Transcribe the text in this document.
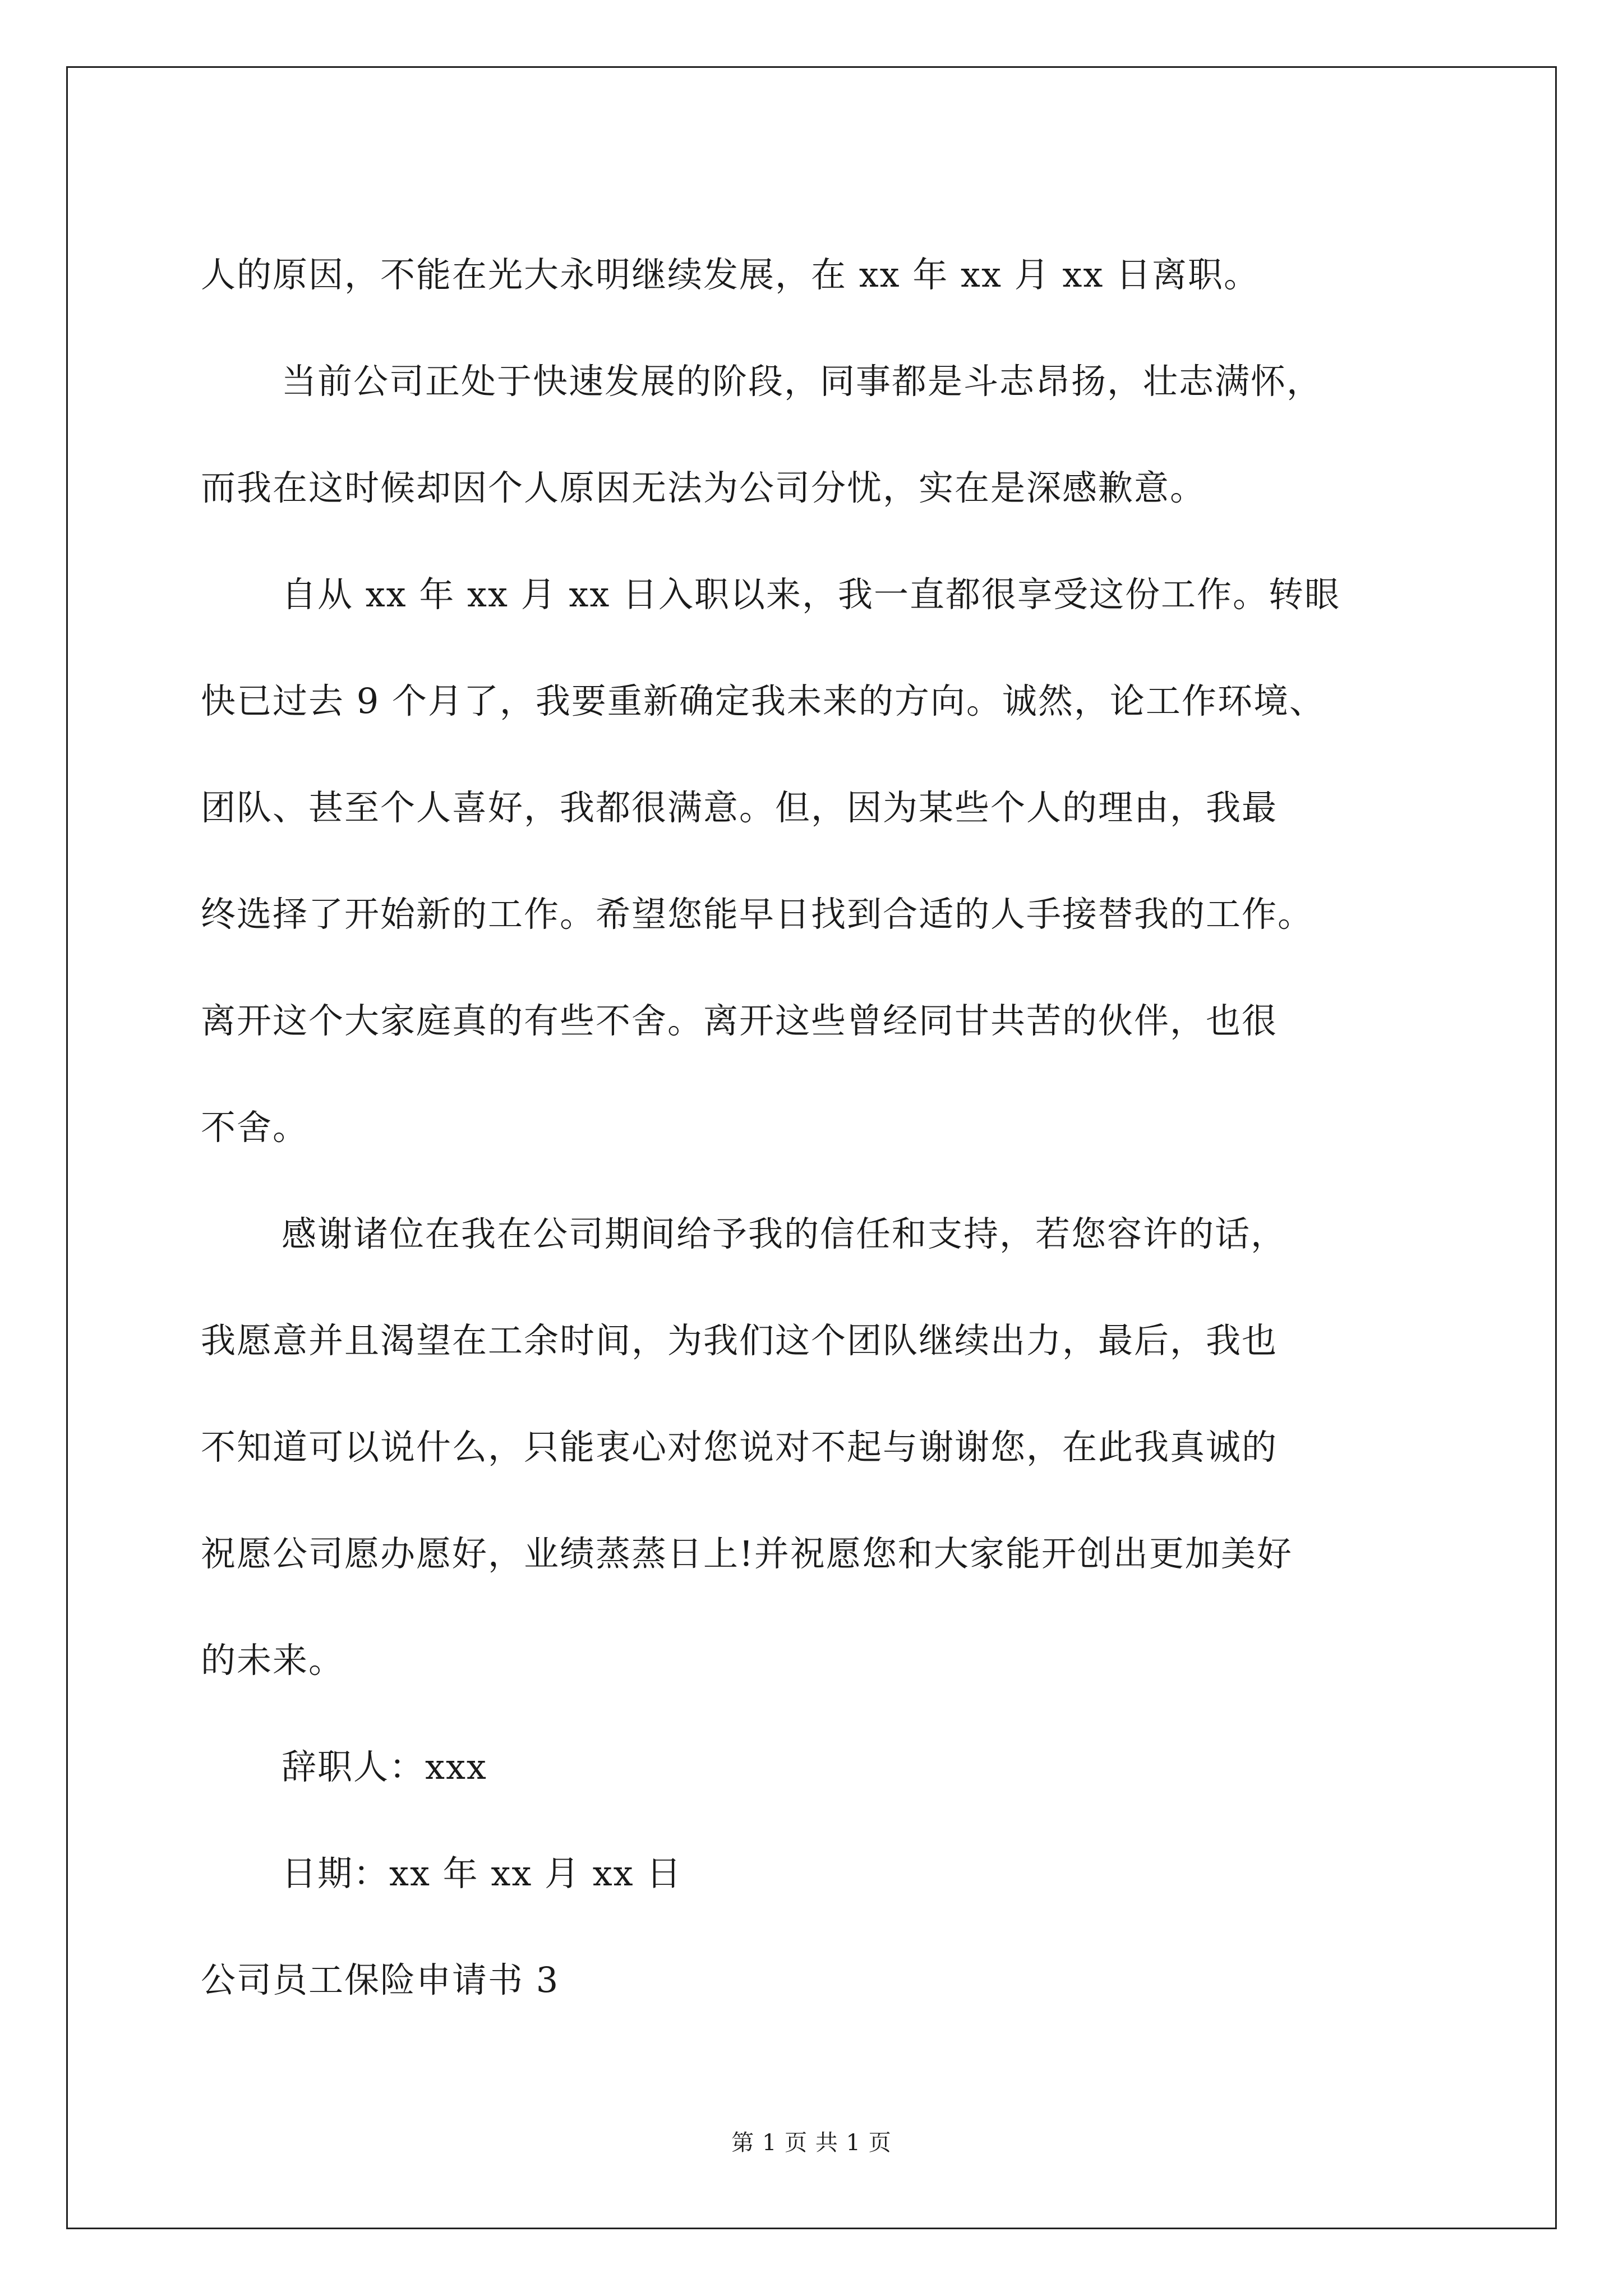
人的原因，不能在光大永明继续发展，在 xx 年 xx 月 xx 日离职。
当前公司正处于快速发展的阶段，同事都是斗志昂扬，壮志满怀，
而我在这时候却因个人原因无法为公司分忧，实在是深感歉意。
自从 xx 年 xx 月 xx 日入职以来，我一直都很享受这份工作。转眼
快已过去 9 个月了，我要重新确定我未来的方向。诚然，论工作环境、
团队、甚至个人喜好，我都很满意。但，因为某些个人的理由，我最
终选择了开始新的工作。希望您能早日找到合适的人手接替我的工作。
离开这个大家庭真的有些不舍。离开这些曾经同甘共苦的伙伴，也很
不舍。
感谢诸位在我在公司期间给予我的信任和支持，若您容许的话，
我愿意并且渴望在工余时间，为我们这个团队继续出力，最后，我也
不知道可以说什么，只能衷心对您说对不起与谢谢您，在此我真诚的
祝愿公司愿办愿好，业绩蒸蒸日上!并祝愿您和大家能开创出更加美好
的未来。
辞职人：xxx
日期：xx 年 xx 月 xx 日
公司员工保险申请书 3
第 1 页 共 1 页
